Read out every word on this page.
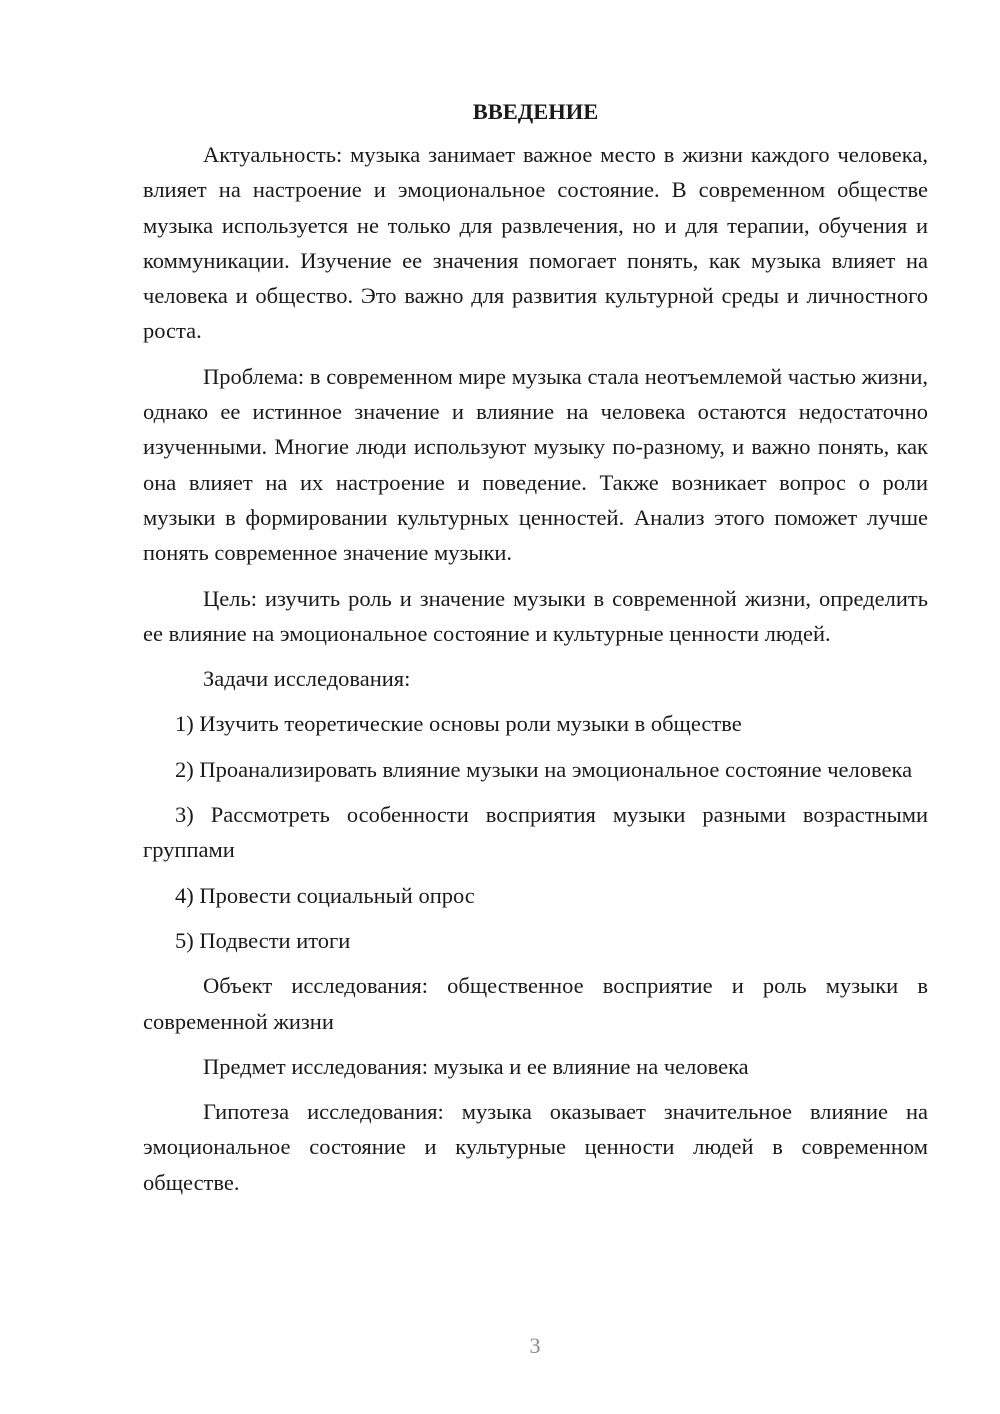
ВВЕДЕНИЕ

Актуальность: музыка занимает важное место в жизни каждого человека, влияет на настроение и эмоциональное состояние. В современном обществе музыка используется не только для развлечения, но и для терапии, обучения и коммуникации. Изучение ее значения помогает понять, как музыка влияет на человека и общество. Это важно для развития культурной среды и личностного роста.

Проблема: в современном мире музыка стала неотъемлемой частью жизни, однако ее истинное значение и влияние на человека остаются недостаточно изученными. Многие люди используют музыку по-разному, и важно понять, как она влияет на их настроение и поведение. Также возникает вопрос о роли музыки в формировании культурных ценностей. Анализ этого поможет лучше понять современное значение музыки.

Цель: изучить роль и значение музыки в современной жизни, определить ее влияние на эмоциональное состояние и культурные ценности людей.

Задачи исследования:

1) Изучить теоретические основы роли музыки в обществе

2) Проанализировать влияние музыки на эмоциональное состояние человека

3) Рассмотреть особенности восприятия музыки разными возрастными группами

4) Провести социальный опрос

5) Подвести итоги

Объект исследования: общественное восприятие и роль музыки в современной жизни

Предмет исследования: музыка и ее влияние на человека

Гипотеза исследования: музыка оказывает значительное влияние на эмоциональное состояние и культурные ценности людей в современном обществе.

3
